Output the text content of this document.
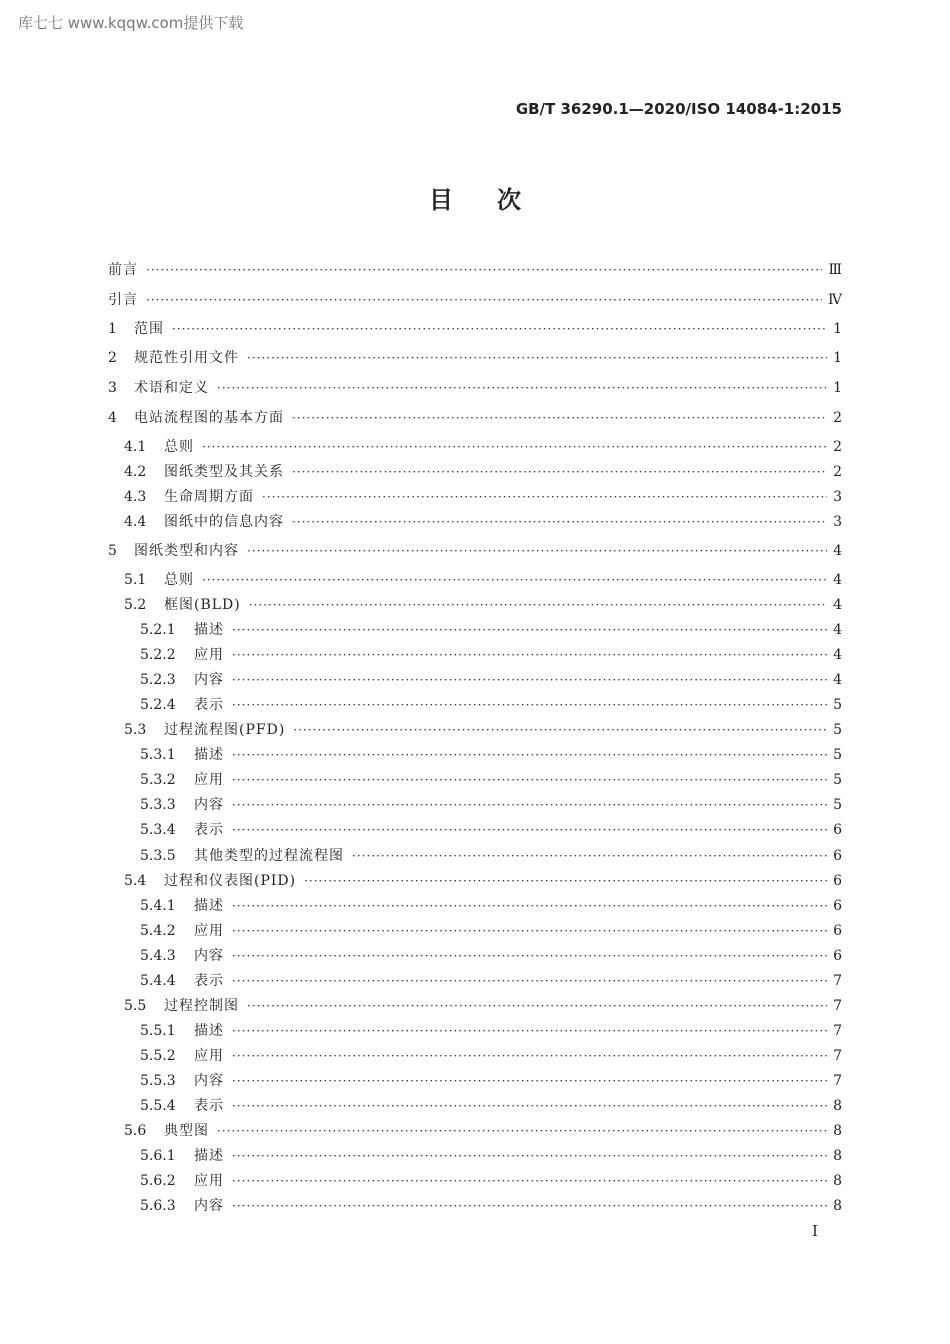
库七七 www.kqqw.com提供下载
GB/T 36290.1—2020/ISO 14084-1:2015
目次
前言 ·····	Ⅲ
引言 ·····	Ⅳ
1	范围 ·····	1
2	规范性引用文件 ·····	1
3	术语和定义 ·····	1
4	电站流程图的基本方面 ·····	2
4.1	总则 ·····	2
4.2	图纸类型及其关系 ·····	2
4.3	生命周期方面 ·····	3
4.4	图纸中的信息内容 ·····	3
5	图纸类型和内容 ·····	4
5.1	总则 ·····	4
5.2	框图(BLD) ·····	4
5.2.1	描述 ·····	4
5.2.2	应用 ·····	4
5.2.3	内容 ·····	4
5.2.4	表示 ·····	5
5.3	过程流程图(PFD) ·····	5
5.3.1	描述 ·····	5
5.3.2	应用 ·····	5
5.3.3	内容 ·····	5
5.3.4	表示 ·····	6
5.3.5	其他类型的过程流程图 ·····	6
5.4	过程和仪表图(PID) ·····	6
5.4.1	描述 ·····	6
5.4.2	应用 ·····	6
5.4.3	内容 ·····	6
5.4.4	表示 ·····	7
5.5	过程控制图 ·····	7
5.5.1	描述 ·····	7
5.5.2	应用 ·····	7
5.5.3	内容 ·····	7
5.5.4	表示 ·····	8
5.6	典型图 ·····	8
5.6.1	描述 ·····	8
5.6.2	应用 ·····	8
5.6.3	内容 ·····	8
I
